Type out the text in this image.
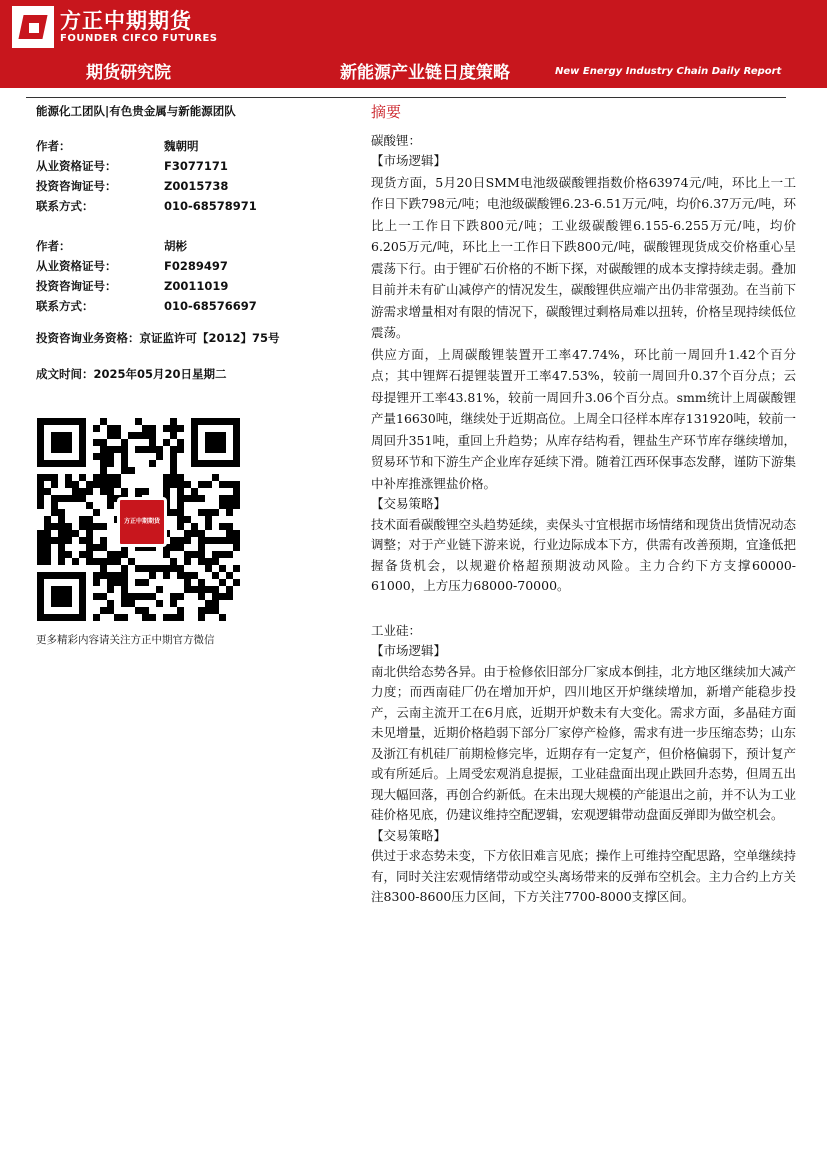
方正中期期货
FOUNDER CIFCO FUTURES
期货研究院	新能源产业链日度策略	New Energy Industry Chain Daily Report
能源化工团队|有色贵金属与新能源团队
作者：	魏朝明
从业资格证号：	F3077171
投资咨询证号：	Z0015738
联系方式：	010-68578971
作者：	胡彬
从业资格证号：	F0289497
投资咨询证号：	Z0011019
联系方式：	010-68576697
投资咨询业务资格：京证监许可【2012】75号
成文时间：2025年05月20日星期二
方正中期期货
更多精彩内容请关注方正中期官方微信
摘要

碳酸锂：

【市场逻辑】

现货方面，5月20日SMM电池级碳酸锂指数价格63974元/吨，环比上一工作日下跌798元/吨；电池级碳酸锂6.23-6.51万元/吨，均价6.37万元/吨，环比上一工作日下跌800元/吨；工业级碳酸锂6.155-6.255万元/吨，均价6.205万元/吨，环比上一工作日下跌800元/吨，碳酸锂现货成交价格重心呈震荡下行。由于锂矿石价格的不断下探，对碳酸锂的成本支撑持续走弱。叠加目前并未有矿山减停产的情况发生，碳酸锂供应端产出仍非常强劲。在当前下游需求增量相对有限的情况下，碳酸锂过剩格局难以扭转，价格呈现持续低位震荡。

供应方面，上周碳酸锂装置开工率47.74%，环比前一周回升1.42个百分点；其中锂辉石提锂装置开工率47.53%，较前一周回升0.37个百分点；云母提锂开工率43.81%，较前一周回升3.06个百分点。smm统计上周碳酸锂产量16630吨，继续处于近期高位。上周全口径样本库存131920吨，较前一周回升351吨，重回上升趋势；从库存结构看，锂盐生产环节库存继续增加，贸易环节和下游生产企业库存延续下滑。随着江西环保事态发酵，谨防下游集中补库推涨锂盐价格。

【交易策略】

技术面看碳酸锂空头趋势延续，卖保头寸宜根据市场情绪和现货出货情况动态调整；对于产业链下游来说，行业边际成本下方，供需有改善预期，宜逢低把握备货机会，以规避价格超预期波动风险。主力合约下方支撑60000-61000，上方压力68000-70000。

工业硅：

【市场逻辑】

南北供给态势各异。由于检修依旧部分厂家成本倒挂，北方地区继续加大减产力度；而西南硅厂仍在增加开炉，四川地区开炉继续增加，新增产能稳步投产，云南主流开工在6月底，近期开炉数未有大变化。需求方面，多晶硅方面未见增量，近期价格趋弱下部分厂家停产检修，需求有进一步压缩态势；山东及浙江有机硅厂前期检修完毕，近期存有一定复产，但价格偏弱下，预计复产或有所延后。上周受宏观消息提振，工业硅盘面出现止跌回升态势，但周五出现大幅回落，再创合约新低。在未出现大规模的产能退出之前，并不认为工业硅价格见底，仍建议维持空配逻辑，宏观逻辑带动盘面反弹即为做空机会。

【交易策略】

供过于求态势未变，下方依旧难言见底；操作上可维持空配思路，空单继续持有，同时关注宏观情绪带动或空头离场带来的反弹布空机会。主力合约上方关注8300-8600压力区间，下方关注7700-8000支撑区间。
